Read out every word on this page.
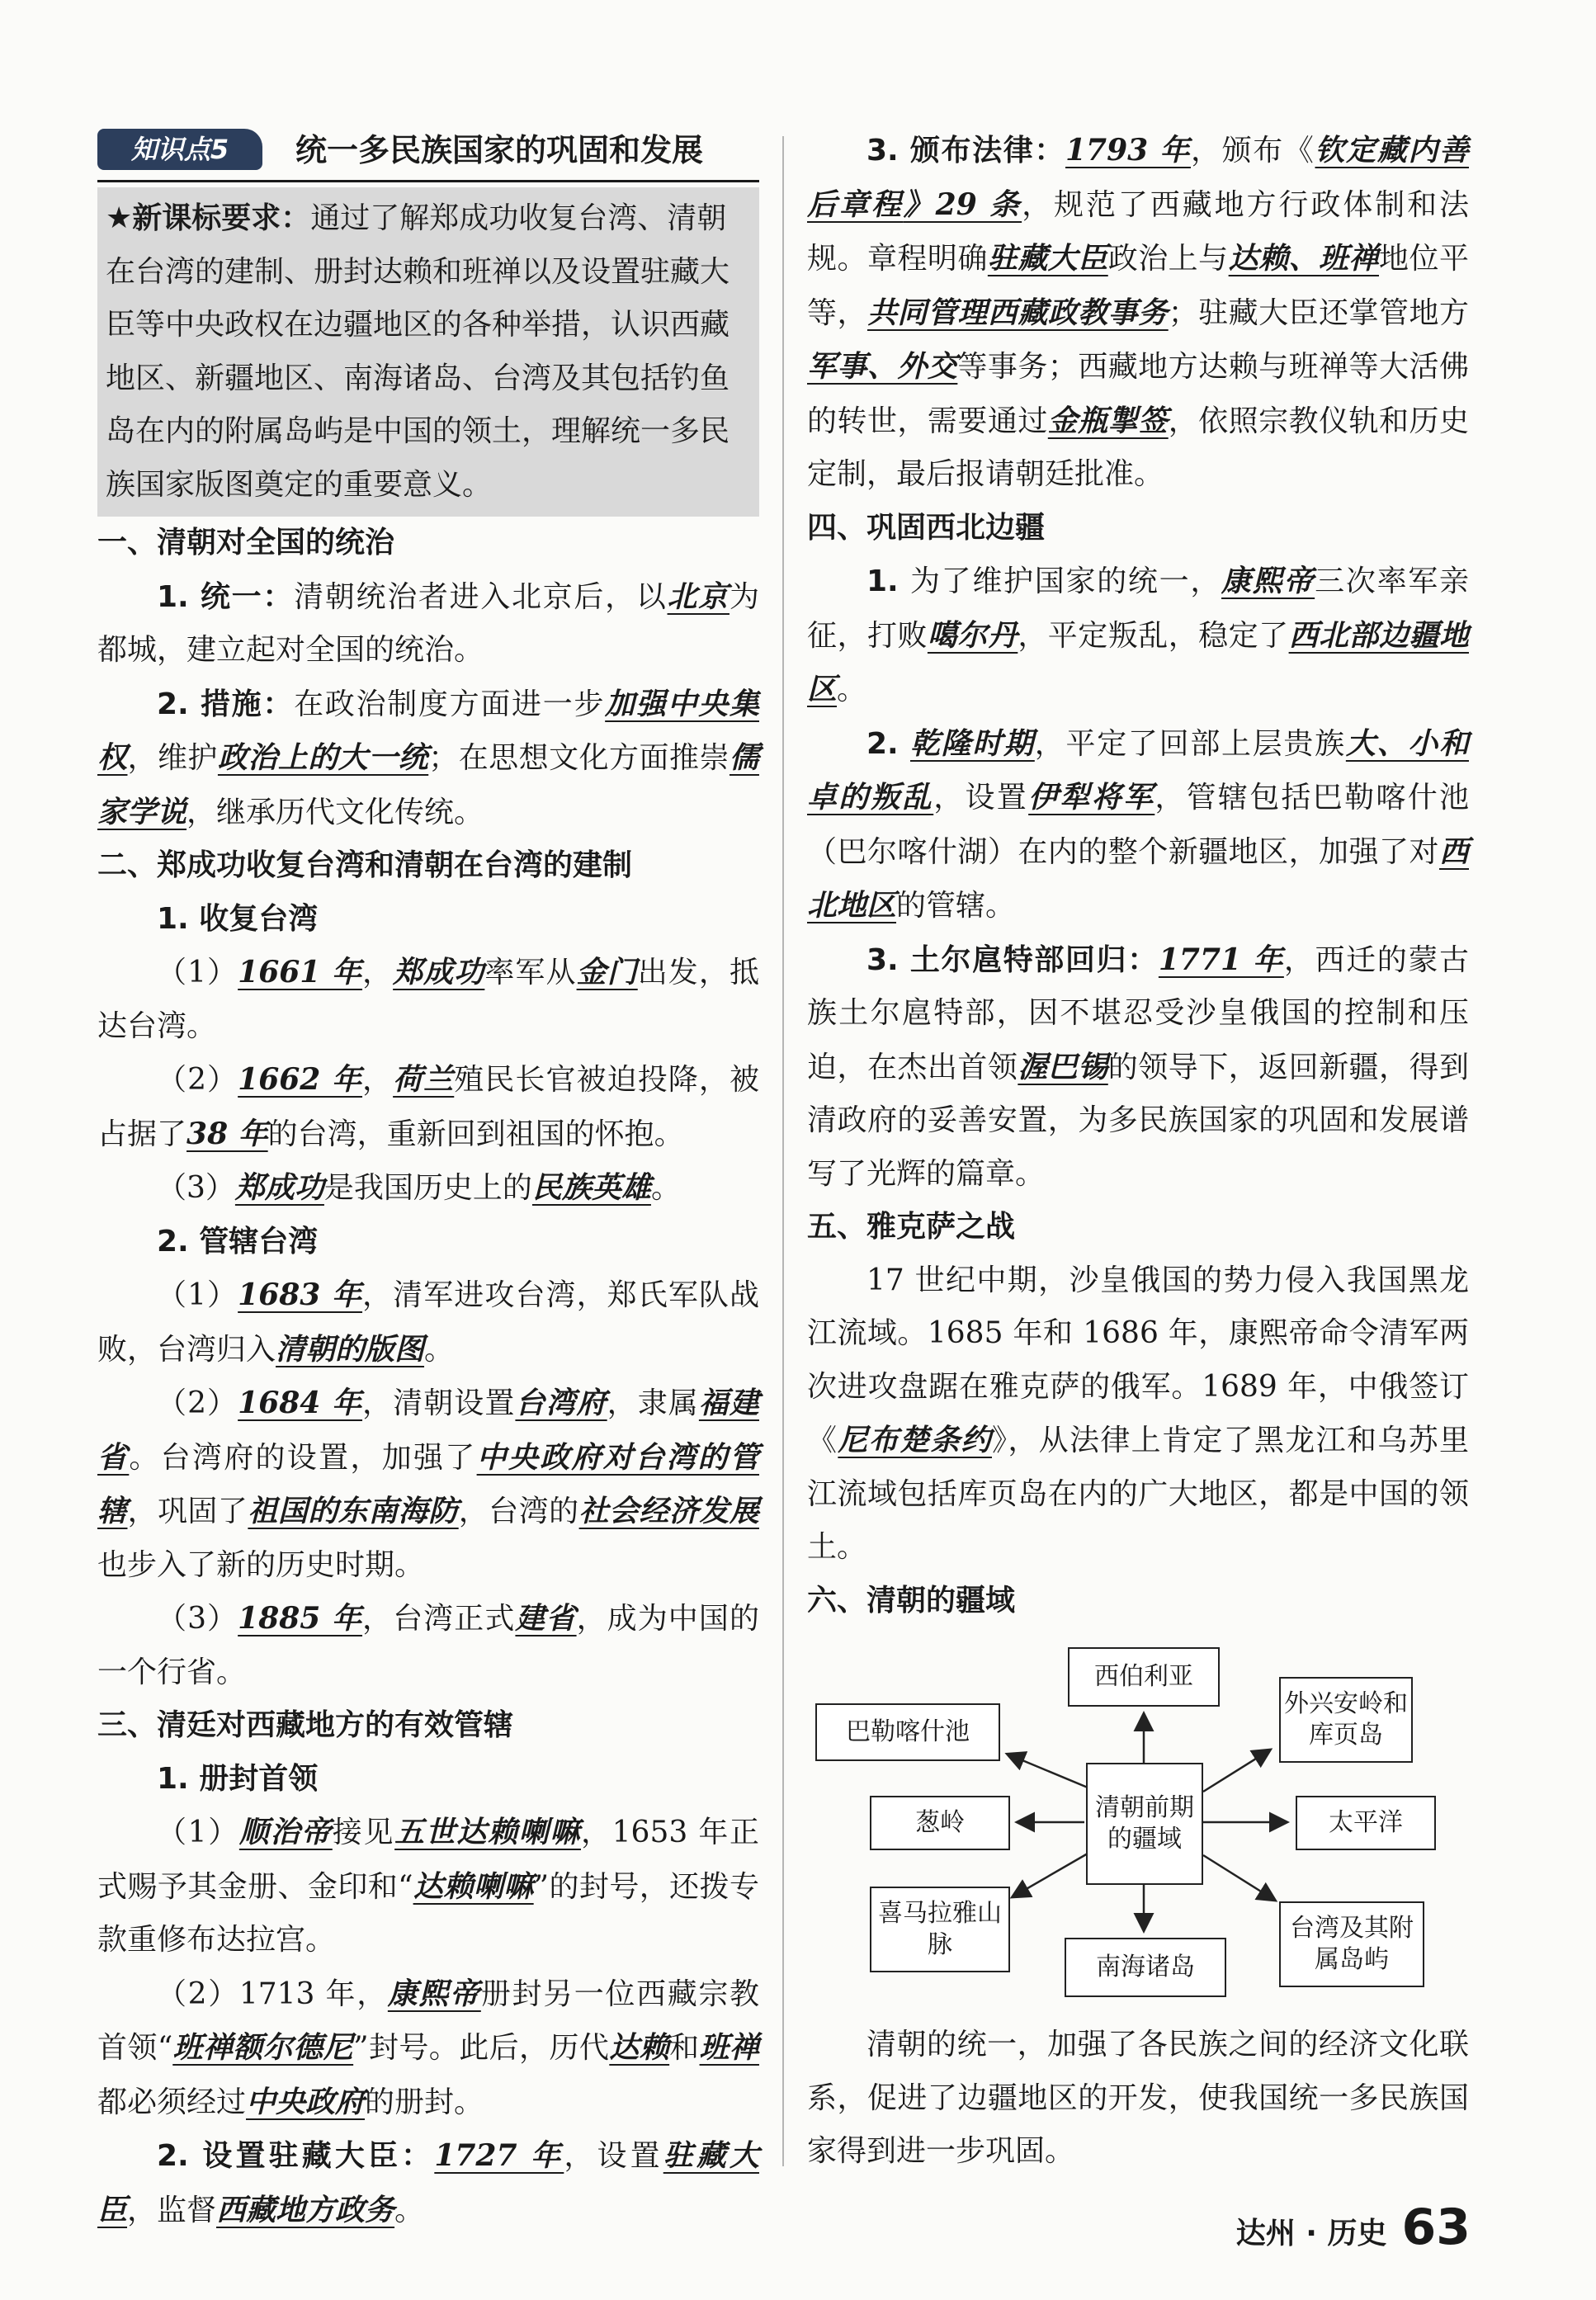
知识点5	统一多民族国家的巩固和发展
★新课标要求：通过了解郑成功收复台湾、清朝在台湾的建制、册封达赖和班禅以及设置驻藏大臣等中央政权在边疆地区的各种举措，认识西藏地区、新疆地区、南海诸岛、台湾及其包括钓鱼岛在内的附属岛屿是中国的领土，理解统一多民族国家版图奠定的重要意义。

一、清朝对全国的统治

1. 统一：清朝统治者进入北京后，以北京为都城，建立起对全国的统治。

2. 措施：在政治制度方面进一步加强中央集权，维护政治上的大一统；在思想文化方面推崇儒家学说，继承历代文化传统。

二、郑成功收复台湾和清朝在台湾的建制

1. 收复台湾

（1）1661 年，郑成功率军从金门出发，抵达台湾。

（2）1662 年，荷兰殖民长官被迫投降，被占据了38 年的台湾，重新回到祖国的怀抱。

（3）郑成功是我国历史上的民族英雄。

2. 管辖台湾

（1）1683 年，清军进攻台湾，郑氏军队战败，台湾归入清朝的版图。

（2）1684 年，清朝设置台湾府，隶属福建省。台湾府的设置，加强了中央政府对台湾的管辖，巩固了祖国的东南海防，台湾的社会经济发展也步入了新的历史时期。

（3）1885 年，台湾正式建省，成为中国的一个行省。

三、清廷对西藏地方的有效管辖

1. 册封首领

（1）顺治帝接见五世达赖喇嘛，1653 年正式赐予其金册、金印和“达赖喇嘛”的封号，还拨专款重修布达拉宫。

（2）1713 年，康熙帝册封另一位西藏宗教首领“班禅额尔德尼”封号。此后，历代达赖和班禅都必须经过中央政府的册封。

2. 设置驻藏大臣：1727 年，设置驻藏大臣，监督西藏地方政务。

3. 颁布法律：1793 年，颁布《钦定藏内善后章程》29 条，规范了西藏地方行政体制和法规。章程明确驻藏大臣政治上与达赖、班禅地位平等，共同管理西藏政教事务；驻藏大臣还掌管地方军事、外交等事务；西藏地方达赖与班禅等大活佛的转世，需要通过金瓶掣签，依照宗教仪轨和历史定制，最后报请朝廷批准。

四、巩固西北边疆

1. 为了维护国家的统一，康熙帝三次率军亲征，打败噶尔丹，平定叛乱，稳定了西北部边疆地区。

2. 乾隆时期，平定了回部上层贵族大、小和卓的叛乱，设置伊犁将军，管辖包括巴勒喀什池（巴尔喀什湖）在内的整个新疆地区，加强了对西北地区的管辖。

3. 土尔扈特部回归：1771 年，西迁的蒙古族土尔扈特部，因不堪忍受沙皇俄国的控制和压迫，在杰出首领渥巴锡的领导下，返回新疆，得到清政府的妥善安置，为多民族国家的巩固和发展谱写了光辉的篇章。

五、雅克萨之战

17 世纪中期，沙皇俄国的势力侵入我国黑龙江流域。1685 年和 1686 年，康熙帝命令清军两次进攻盘踞在雅克萨的俄军。1689 年，中俄签订《尼布楚条约》，从法律上肯定了黑龙江和乌苏里江流域包括库页岛在内的广大地区，都是中国的领土。

六、清朝的疆域

清朝前期的疆域
西伯利亚
巴勒喀什池
外兴安岭和库页岛
葱岭	太平洋
喜马拉雅山脉
南海诸岛
台湾及其附属岛屿

清朝的统一，加强了各民族之间的经济文化联系，促进了边疆地区的开发，使我国统一多民族国家得到进一步巩固。

达州 · 历史 63
